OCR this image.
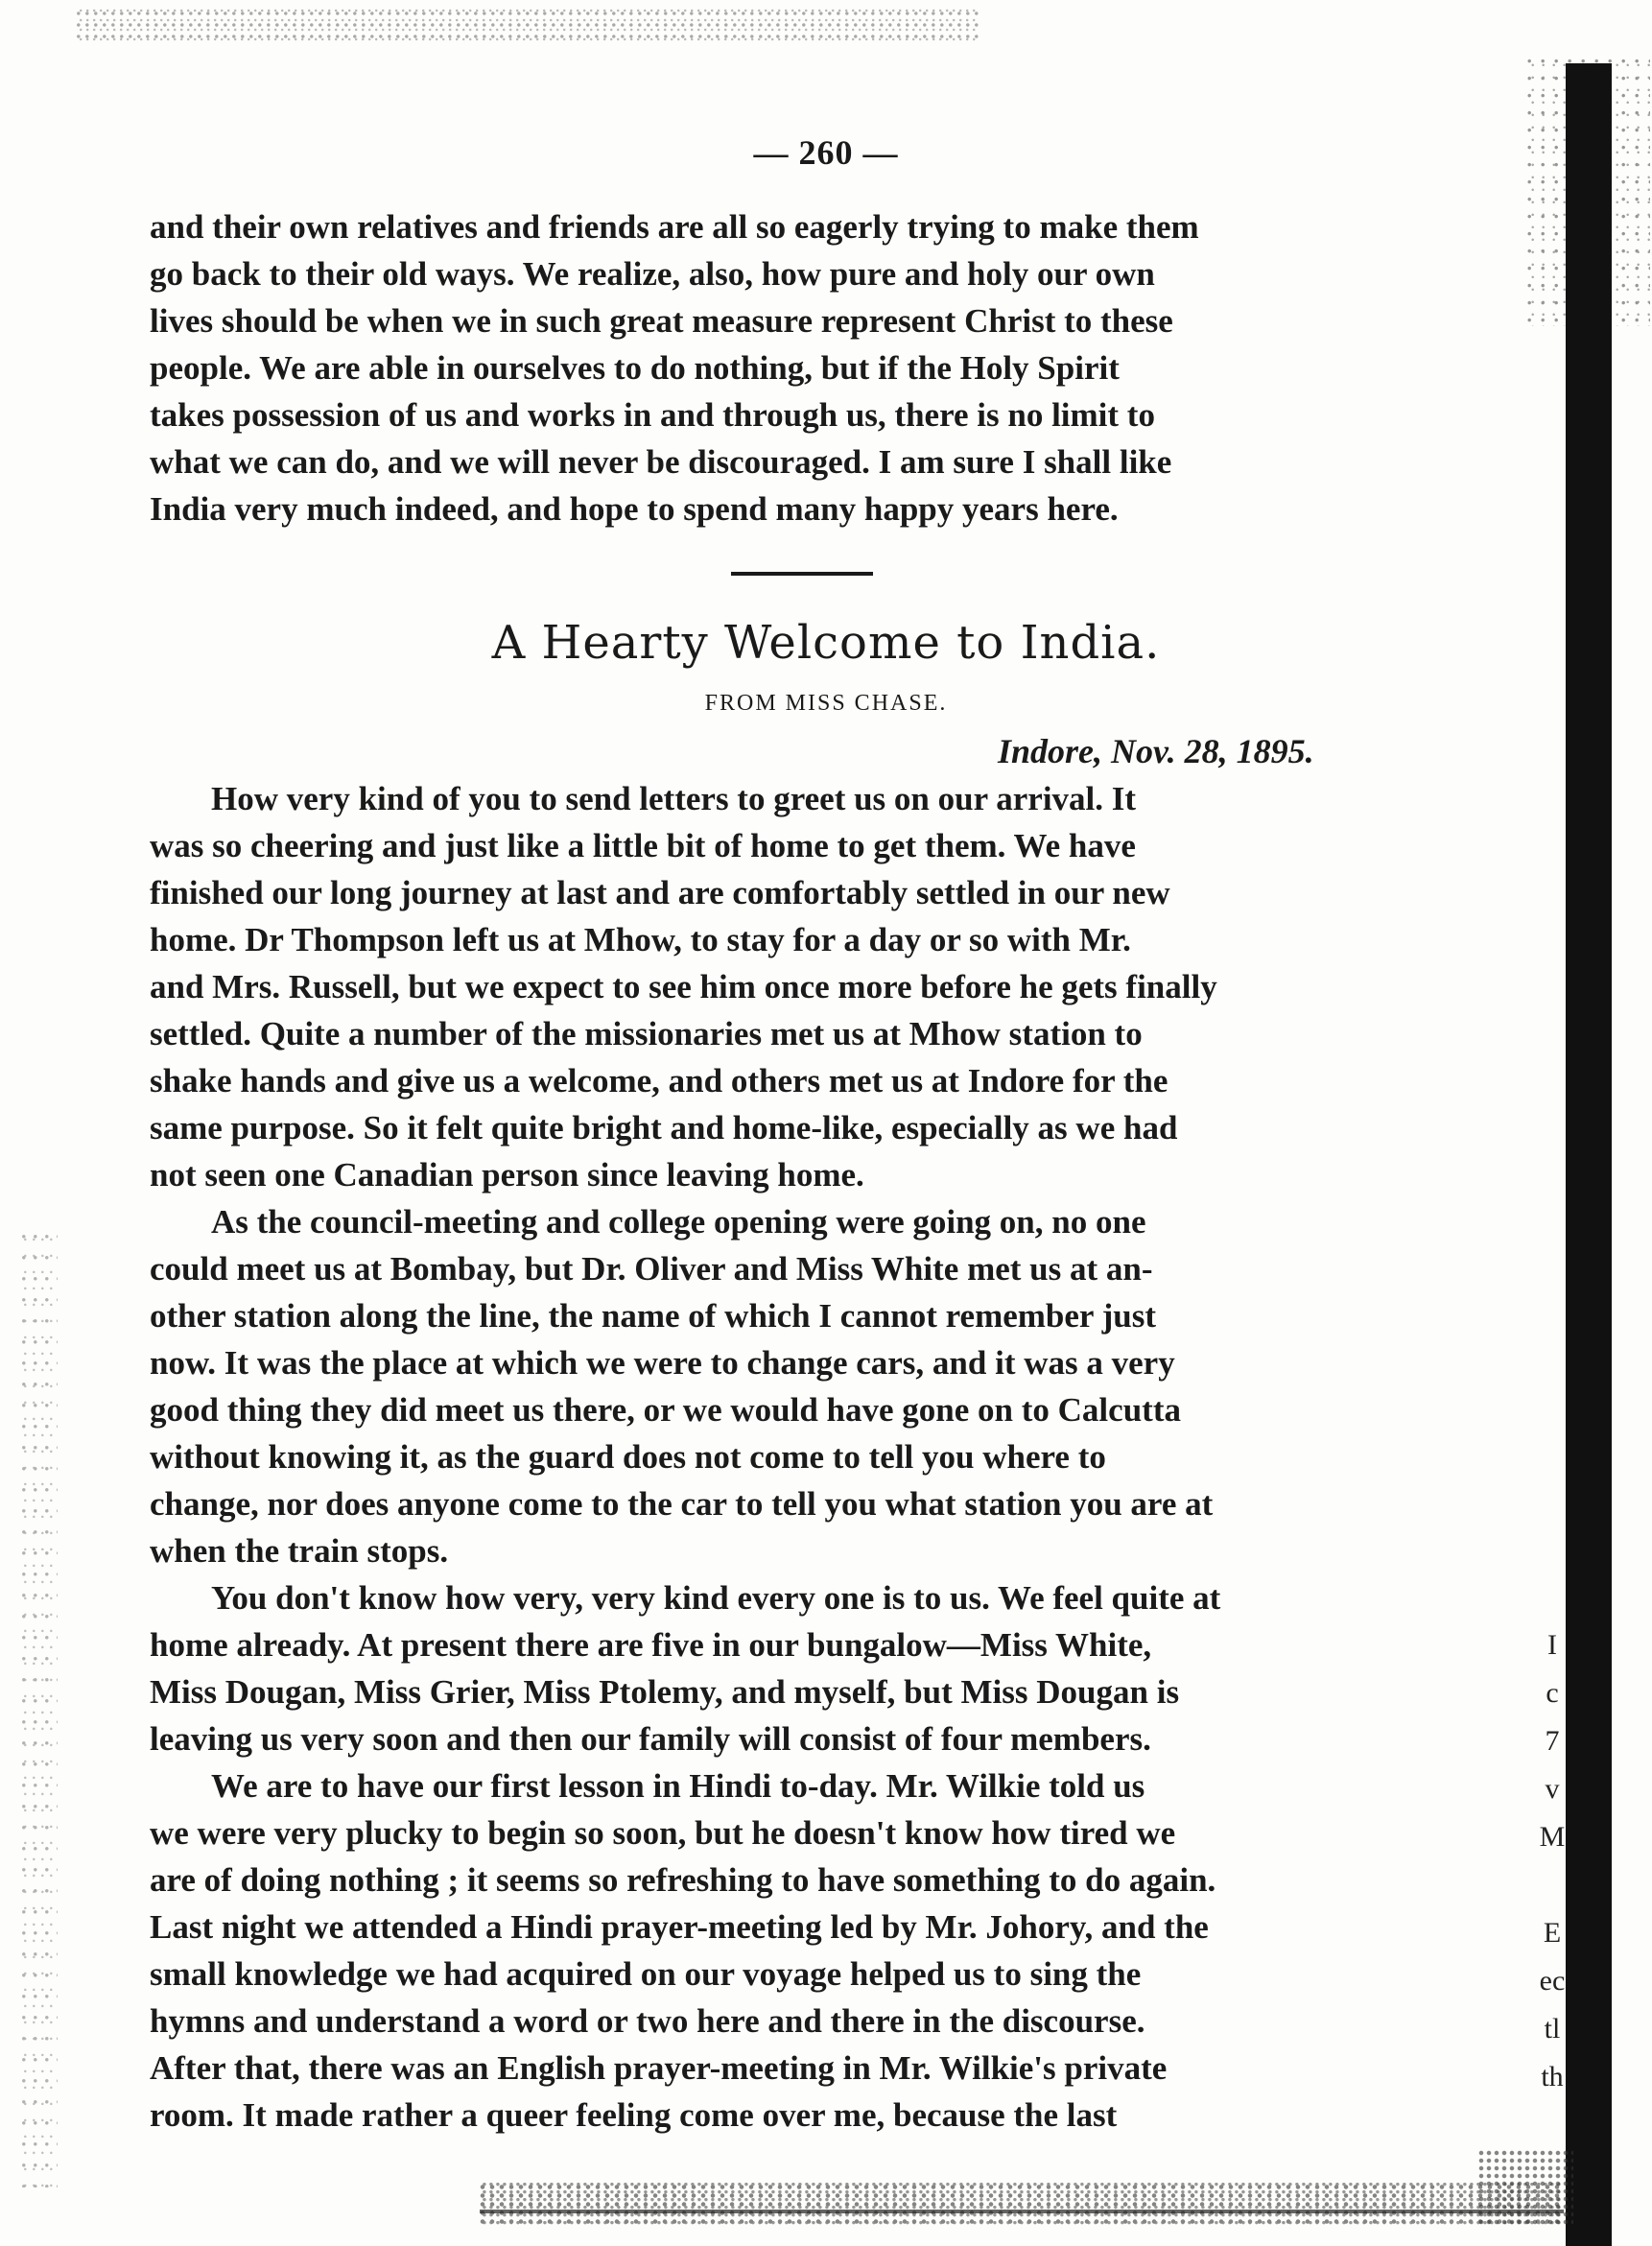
— 260 —

and their own relatives and friends are all so eagerly trying to make them

go back to their old ways. We realize, also, how pure and holy our own

lives should be when we in such great measure represent Christ to these

people. We are able in ourselves to do nothing, but if the Holy Spirit

takes possession of us and works in and through us, there is no limit to

what we can do, and we will never be discouraged. I am sure I shall like

India very much indeed, and hope to spend many happy years here.

A Hearty Welcome to India.
FROM MISS CHASE.
Indore, Nov. 28, 1895.

How very kind of you to send letters to greet us on our arrival. It

was so cheering and just like a little bit of home to get them. We have

finished our long journey at last and are comfortably settled in our new

home. Dr Thompson left us at Mhow, to stay for a day or so with Mr.

and Mrs. Russell, but we expect to see him once more before he gets finally

settled. Quite a number of the missionaries met us at Mhow station to

shake hands and give us a welcome, and others met us at Indore for the

same purpose. So it felt quite bright and home-like, especially as we had

not seen one Canadian person since leaving home.

As the council-meeting and college opening were going on, no one

could meet us at Bombay, but Dr. Oliver and Miss White met us at an-

other station along the line, the name of which I cannot remember just

now. It was the place at which we were to change cars, and it was a very

good thing they did meet us there, or we would have gone on to Calcutta

without knowing it, as the guard does not come to tell you where to

change, nor does anyone come to the car to tell you what station you are at

when the train stops.

You don't know how very, very kind every one is to us. We feel quite at

home already. At present there are five in our bungalow—Miss White,

Miss Dougan, Miss Grier, Miss Ptolemy, and myself, but Miss Dougan is

leaving us very soon and then our family will consist of four members.

We are to have our first lesson in Hindi to-day. Mr. Wilkie told us

we were very plucky to begin so soon, but he doesn't know how tired we

are of doing nothing ; it seems so refreshing to have something to do again.

Last night we attended a Hindi prayer-meeting led by Mr. Johory, and the

small knowledge we had acquired on our voyage helped us to sing the

hymns and understand a word or two here and there in the discourse.

After that, there was an English prayer-meeting in Mr. Wilkie's private

room. It made rather a queer feeling come over me, because the last

I
c
7
v
M
E
ec
tl
th
